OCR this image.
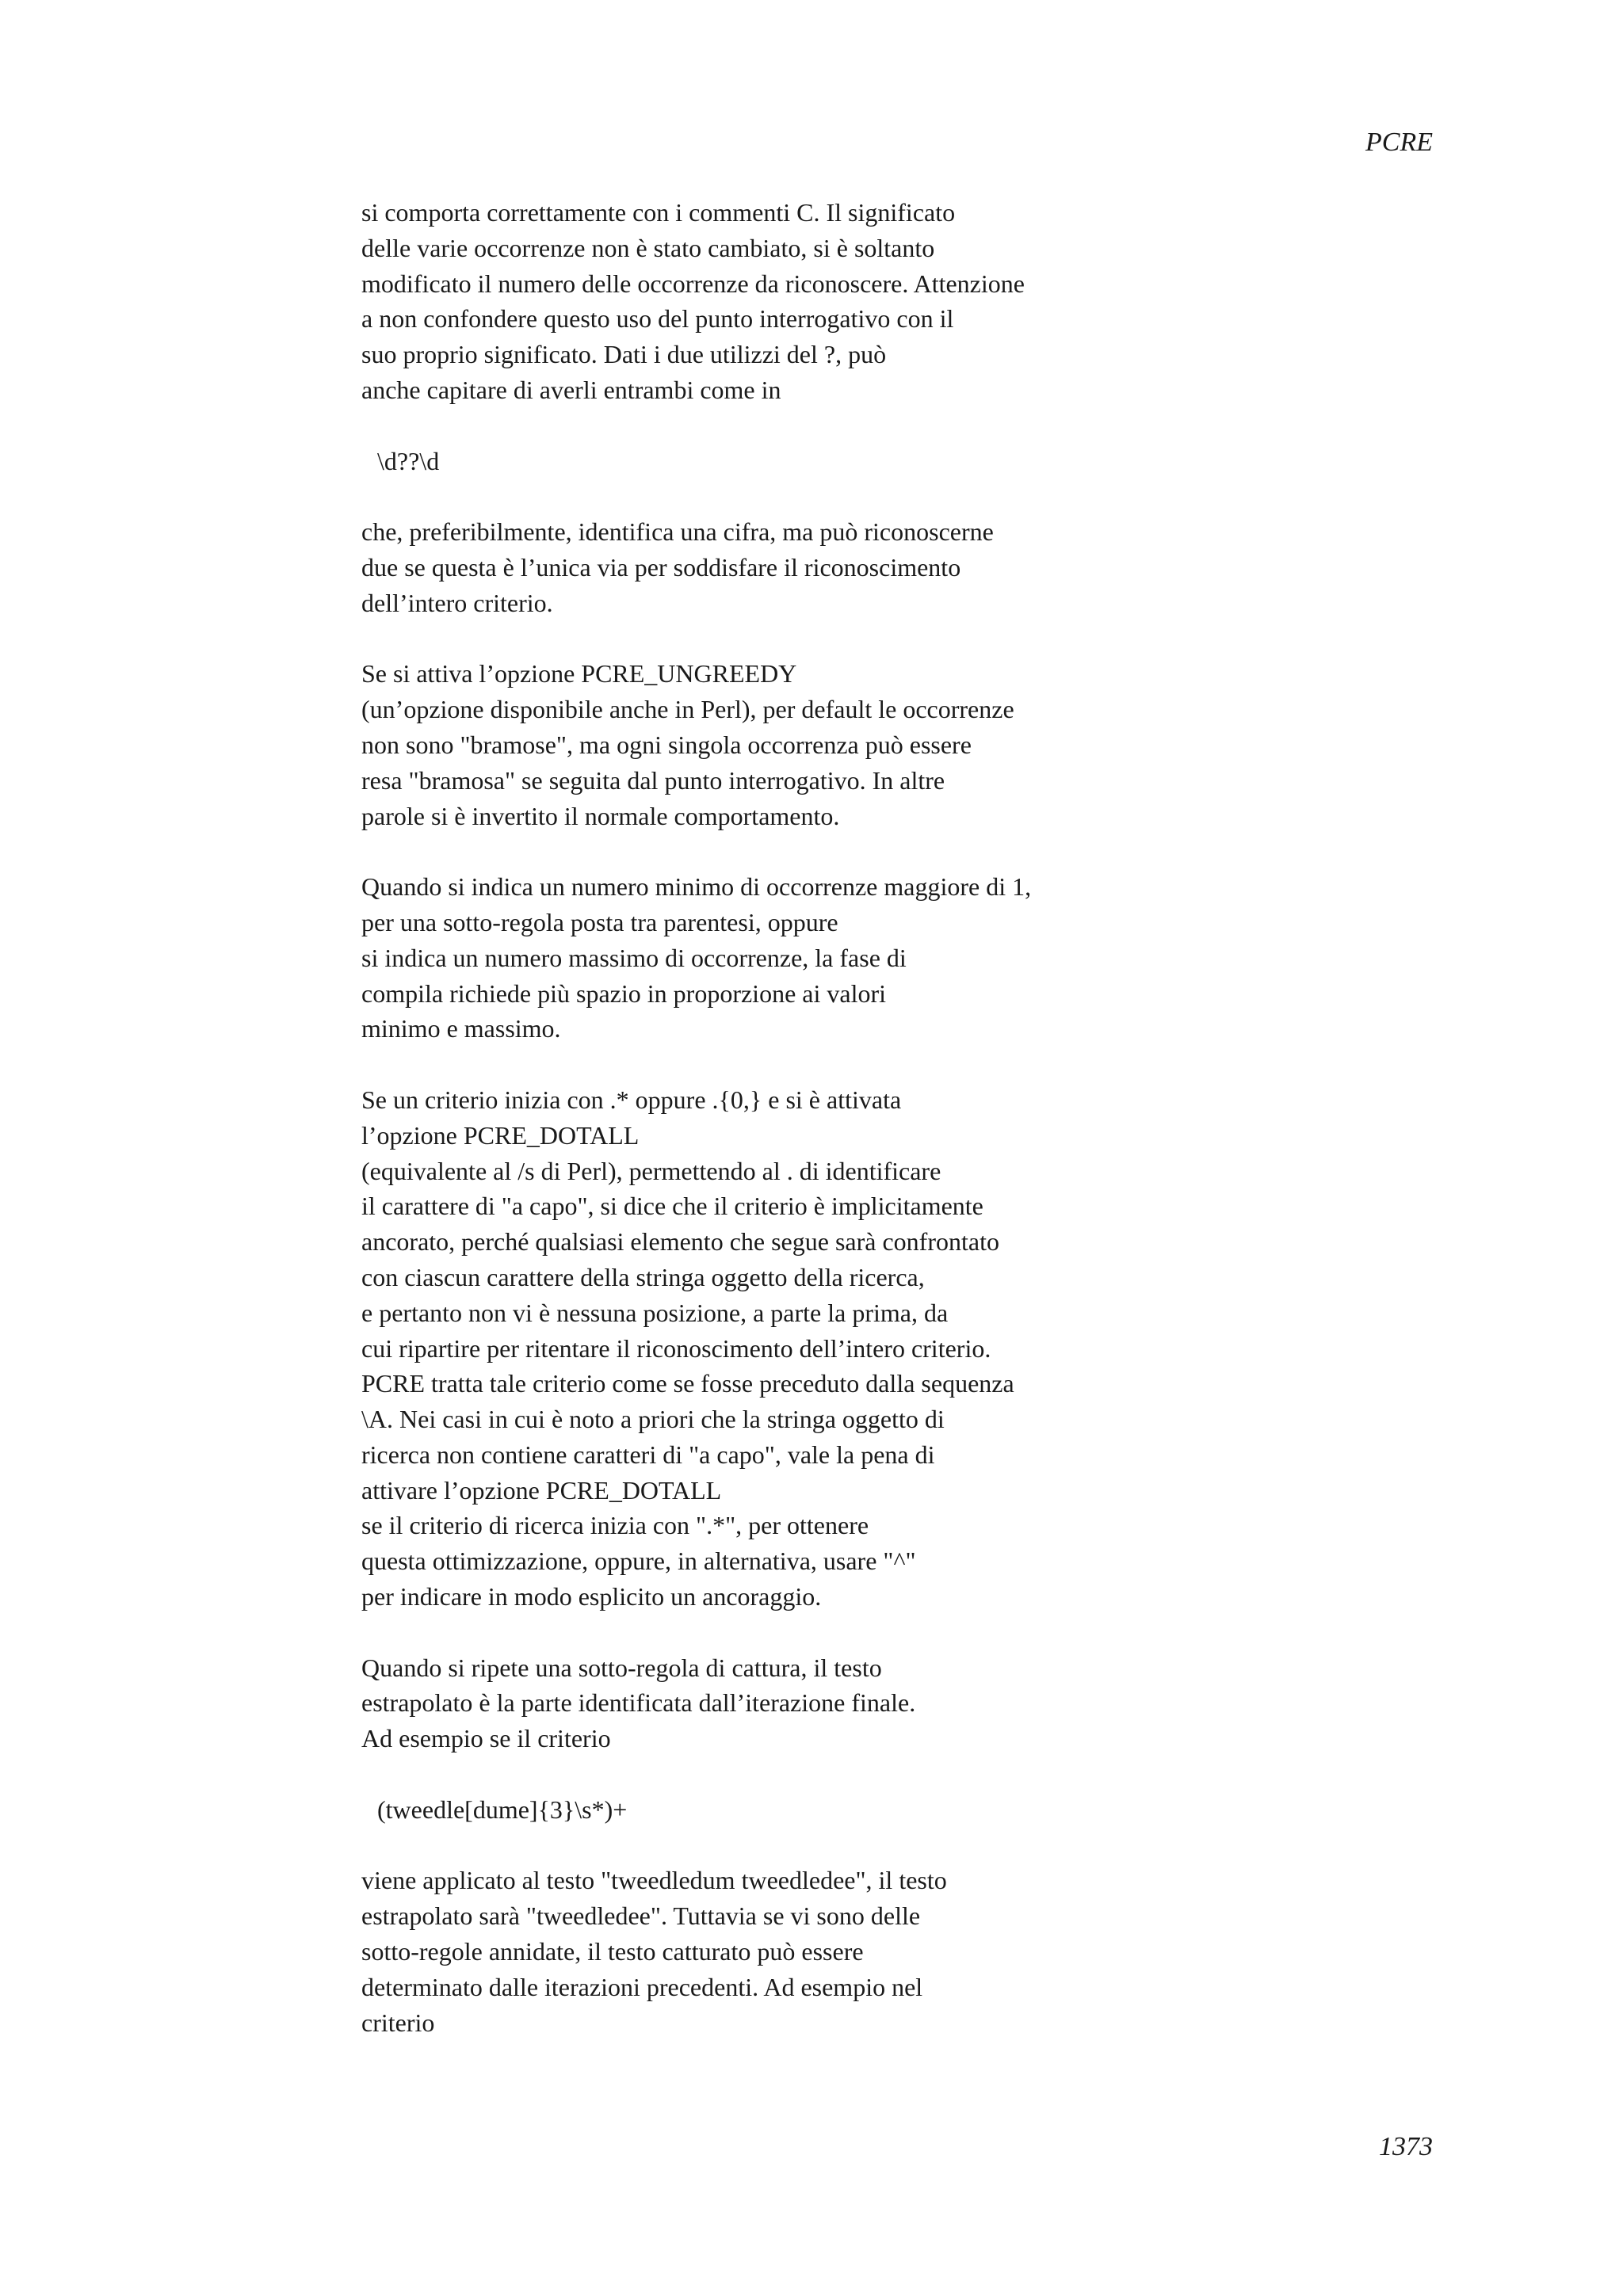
PCRE
si comporta correttamente con i commenti C. Il significato
delle varie occorrenze non è stato cambiato, si è soltanto
modificato il numero delle occorrenze da riconoscere. Attenzione
a non confondere questo uso del punto interrogativo con il
suo proprio significato. Dati i due utilizzi del ?, può
anche capitare di averli entrambi come in
\d??\d
che, preferibilmente, identifica una cifra, ma può riconoscerne
due se questa è l’unica via per soddisfare il riconoscimento
dell’intero criterio.
Se si attiva l’opzione PCRE_UNGREEDY
(un’opzione disponibile anche in Perl), per default le occorrenze
non sono "bramose", ma ogni singola occorrenza può essere
resa "bramosa" se seguita dal punto interrogativo. In altre
parole si è invertito il normale comportamento.
Quando si indica un numero minimo di occorrenze maggiore di 1,
per una sotto-regola posta tra parentesi, oppure
si indica un numero massimo di occorrenze, la fase di
compila richiede più spazio in proporzione ai valori
minimo e massimo.
Se un criterio inizia con .* oppure .{0,} e si è attivata
l’opzione PCRE_DOTALL
(equivalente al /s di Perl), permettendo al . di identificare
il carattere di "a capo", si dice che il criterio è implicitamente
ancorato, perché qualsiasi elemento che segue sarà confrontato
con ciascun carattere della stringa oggetto della ricerca,
e pertanto non vi è nessuna posizione, a parte la prima, da
cui ripartire per ritentare il riconoscimento dell’intero criterio.
PCRE tratta tale criterio come se fosse preceduto dalla sequenza
\A. Nei casi in cui è noto a priori che la stringa oggetto di
ricerca non contiene caratteri di "a capo", vale la pena di
attivare l’opzione PCRE_DOTALL
se il criterio di ricerca inizia con ".*", per ottenere
questa ottimizzazione, oppure, in alternativa, usare "^"
per indicare in modo esplicito un ancoraggio.
Quando si ripete una sotto-regola di cattura, il testo
estrapolato è la parte identificata dall’iterazione finale.
Ad esempio se il criterio
(tweedle[dume]{3}\s*)+
viene applicato al testo "tweedledum tweedledee", il testo
estrapolato sarà "tweedledee". Tuttavia se vi sono delle
sotto-regole annidate, il testo catturato può essere
determinato dalle iterazioni precedenti. Ad esempio nel
criterio
1373
